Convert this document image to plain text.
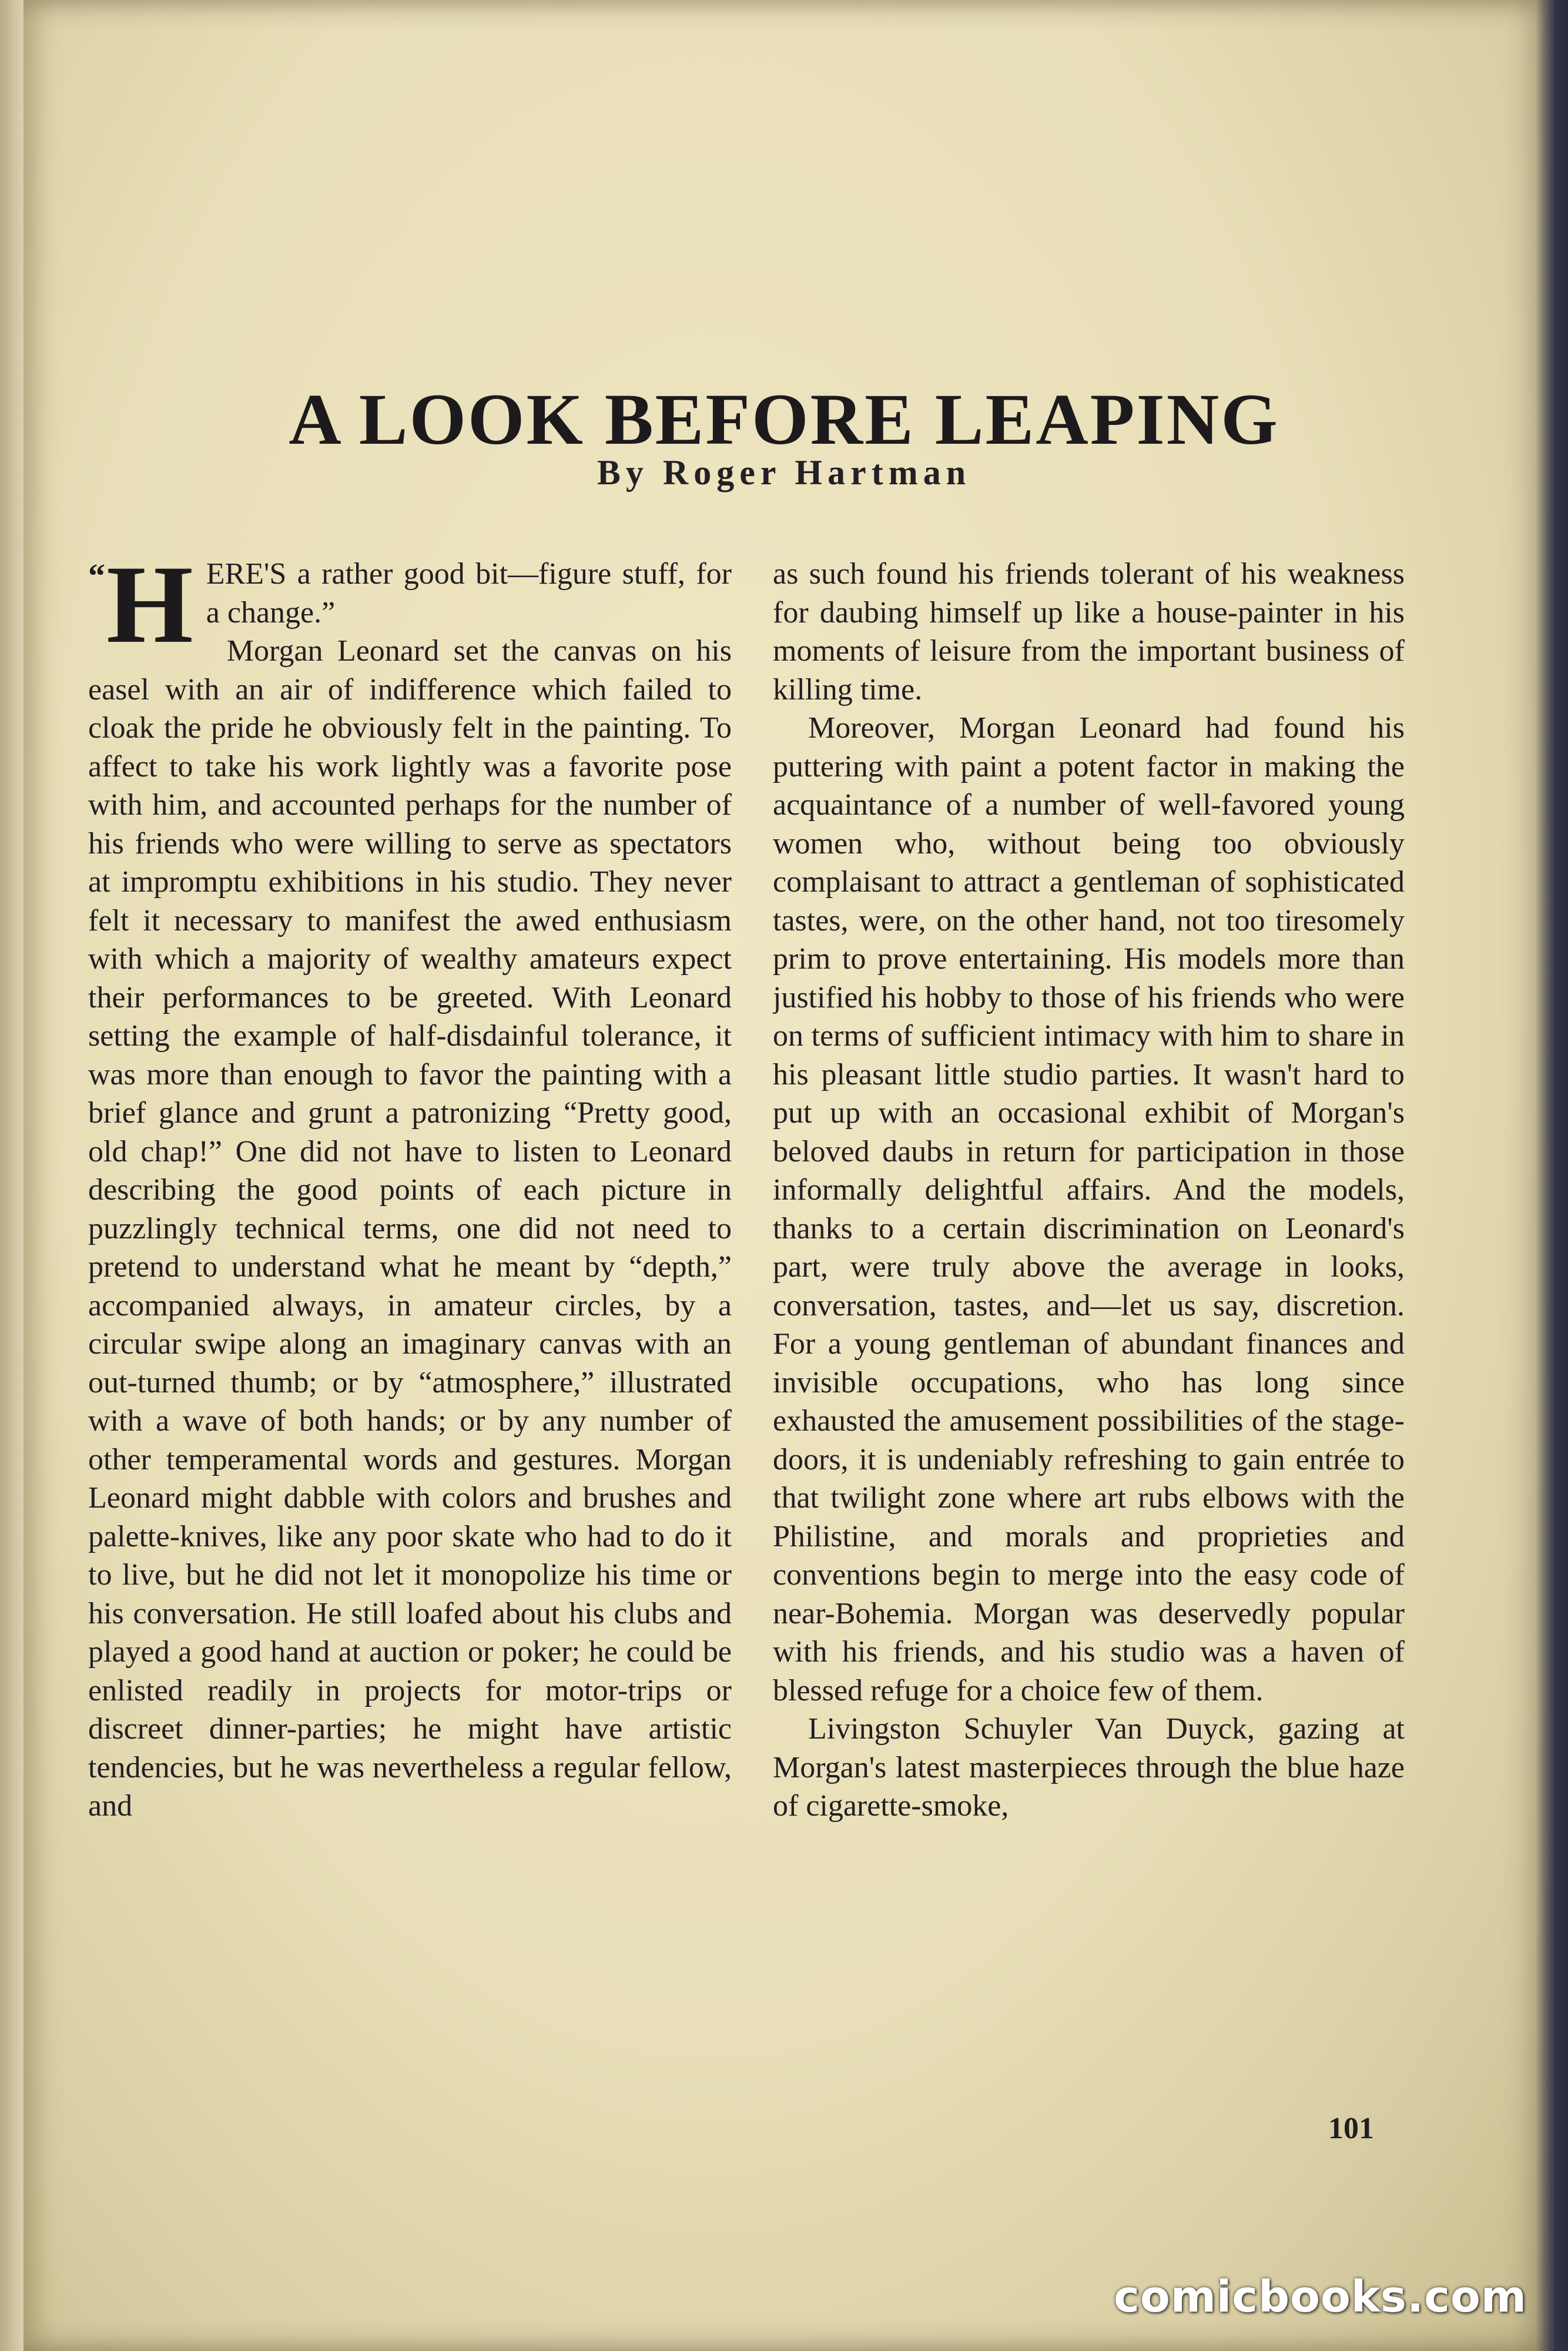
A LOOK BEFORE LEAPING
By Roger Hartman
“ H ERE'S a rather good bit—figure stuff, for a change.”
Morgan Leonard set the canvas on his easel with an air of indifference which failed to cloak the pride he obviously felt in the painting. To affect to take his work lightly was a favorite pose with him, and accounted perhaps for the number of his friends who were willing to serve as spectators at impromptu exhibitions in his studio. They never felt it necessary to manifest the awed enthusiasm with which a majority of wealthy amateurs expect their performances to be greeted. With Leonard setting the example of half-disdainful tolerance, it was more than enough to favor the painting with a brief glance and grunt a patronizing “Pretty good, old chap!” One did not have to listen to Leonard describing the good points of each picture in puzzlingly technical terms, one did not need to pretend to understand what he meant by “depth,” accompanied always, in amateur circles, by a circular swipe along an imaginary canvas with an out-turned thumb; or by “atmosphere,” illustrated with a wave of both hands; or by any number of other temperamental words and gestures. Morgan Leonard might dabble with colors and brushes and palette-knives, like any poor skate who had to do it to live, but he did not let it monopolize his time or his conversation. He still loafed about his clubs and played a good hand at auction or poker; he could be enlisted readily in projects for motor-trips or discreet dinner-parties; he might have artistic tendencies, but he was nevertheless a regular fellow, and

as such found his friends tolerant of his weakness for daubing himself up like a house-painter in his moments of leisure from the important business of killing time.

Moreover, Morgan Leonard had found his puttering with paint a potent factor in making the acquaintance of a number of well-favored young women who, without being too obviously complaisant to attract a gentleman of sophisticated tastes, were, on the other hand, not too tiresomely prim to prove entertaining. His models more than justified his hobby to those of his friends who were on terms of sufficient intimacy with him to share in his pleasant little studio parties. It wasn't hard to put up with an occasional exhibit of Morgan's beloved daubs in return for participation in those informally delightful affairs. And the models, thanks to a certain discrimination on Leonard's part, were truly above the average in looks, conversation, tastes, and—let us say, discretion. For a young gentleman of abundant finances and invisible occupations, who has long since exhausted the amusement possibilities of the stage-doors, it is undeniably refreshing to gain entrée to that twilight zone where art rubs elbows with the Philistine, and morals and proprieties and conventions begin to merge into the easy code of near-Bohemia. Morgan was deservedly popular with his friends, and his studio was a haven of blessed refuge for a choice few of them.

Livingston Schuyler Van Duyck, gazing at Morgan's latest masterpieces through the blue haze of cigarette-smoke,

101
comicbooks.com
